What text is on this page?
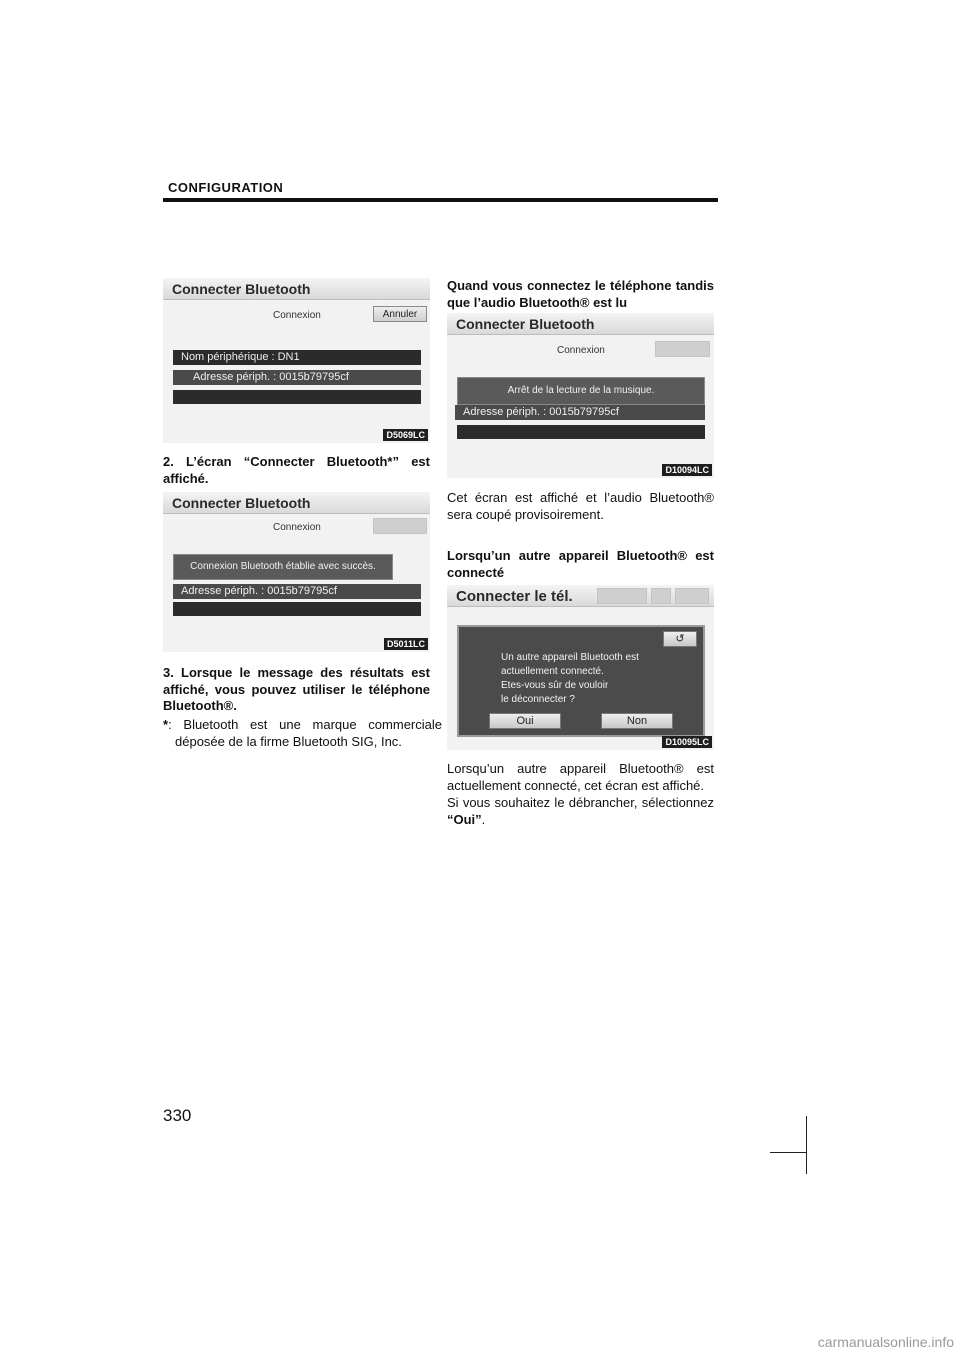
CONFIGURATION
Connecter Bluetooth
Connexion	Annuler
Nom périphérique : DN1
Adresse périph. : 0015b79795cf
D5069LC
2. L’écran “Connecter Bluetooth*” est affiché.
Connecter Bluetooth
Connexion
Connexion Bluetooth établie avec succès.
Adresse périph. : 0015b79795cf
D5011LC
3. Lorsque le message des résultats est affiché, vous pouvez utiliser le téléphone Bluetooth®.
*: Bluetooth est une marque commerciale déposée de la firme Bluetooth SIG, Inc.
Quand vous connectez le téléphone tandis que l’audio Bluetooth® est lu
Connecter Bluetooth
Connexion
Arrêt de la lecture de la musique.
Adresse périph. : 0015b79795cf
D10094LC
Cet écran est affiché et l’audio Bluetooth® sera coupé provisoirement.
Lorsqu’un autre appareil Bluetooth® est connecté
Connecter le tél.
↺
Un autre appareil Bluetooth est
actuellement connecté.
Etes-vous sûr de vouloir
le déconnecter ?
Oui	Non
D10095LC
Lorsqu’un autre appareil Bluetooth® est actuellement connecté, cet écran est affiché.
Si vous souhaitez le débrancher, sélectionnez “Oui”.
330
carmanualsonline.info
